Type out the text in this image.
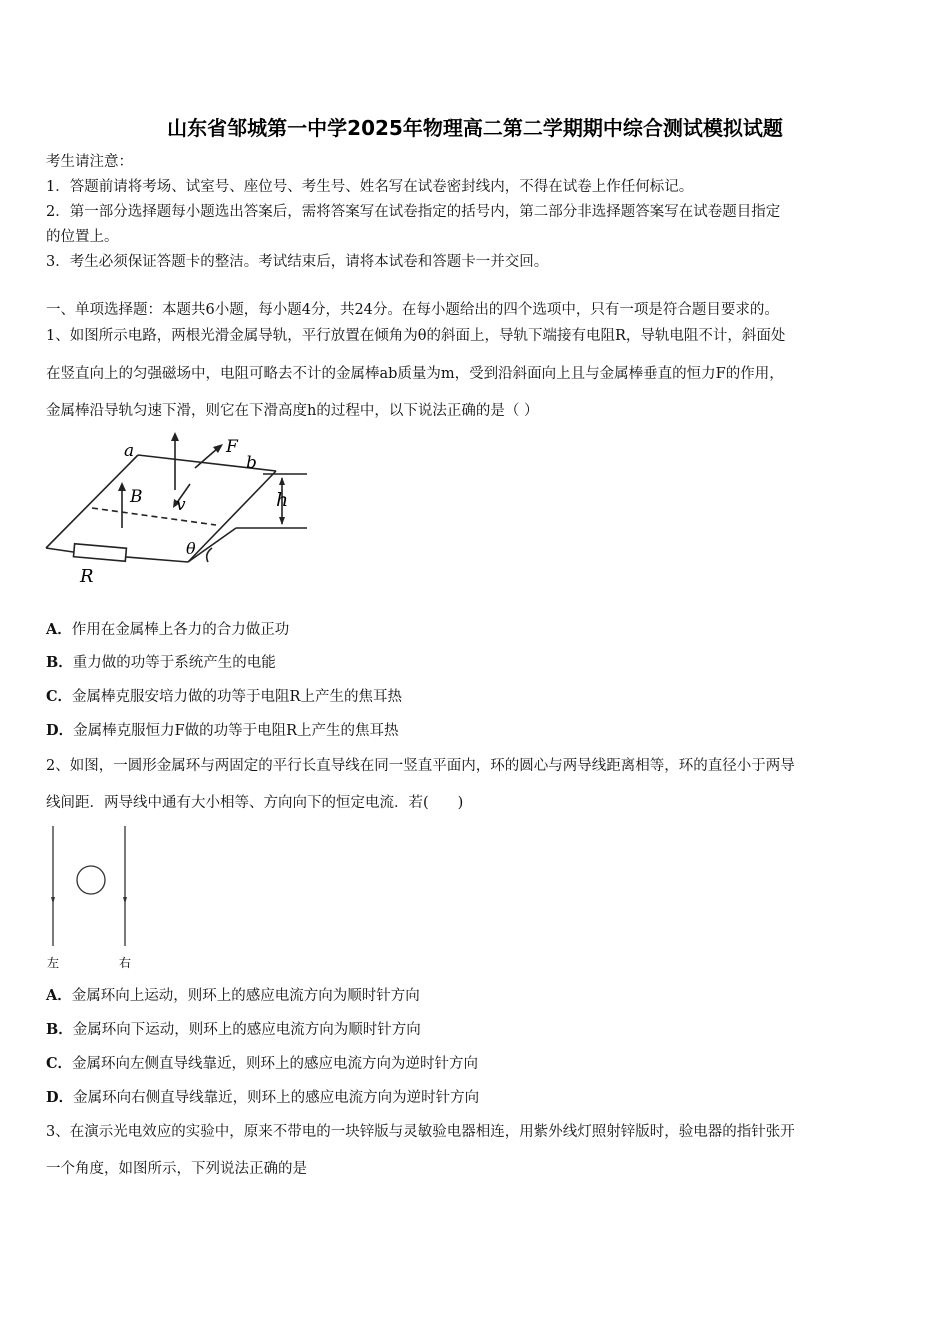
山东省邹城第一中学2025年物理高二第二学期期中综合测试模拟试题
考生请注意：
1．答题前请将考场、试室号、座位号、考生号、姓名写在试卷密封线内，不得在试卷上作任何标记。
2．第一部分选择题每小题选出答案后，需将答案写在试卷指定的括号内，第二部分非选择题答案写在试卷题目指定
的位置上。
3．考生必须保证答题卡的整洁。考试结束后，请将本试卷和答题卡一并交回。
一、单项选择题：本题共6小题，每小题4分，共24分。在每小题给出的四个选项中，只有一项是符合题目要求的。
1、如图所示电路，两根光滑金属导轨，平行放置在倾角为θ的斜面上，导轨下端接有电阻R，导轨电阻不计，斜面处
在竖直向上的匀强磁场中，电阻可略去不计的金属棒ab质量为m，受到沿斜面向上且与金属棒垂直的恒力F的作用，
金属棒沿导轨匀速下滑，则它在下滑高度h的过程中，以下说法正确的是（ ）
a	F
b
B v	h
θ
R
A．作用在金属棒上各力的合力做正功
B．重力做的功等于系统产生的电能
C．金属棒克服安培力做的功等于电阻R上产生的焦耳热
D．金属棒克服恒力F做的功等于电阻R上产生的焦耳热
2、如图，一圆形金属环与两固定的平行长直导线在同一竖直平面内，环的圆心与两导线距离相等，环的直径小于两导
线间距．两导线中通有大小相等、方向向下的恒定电流．若(　　)
左	右
A．金属环向上运动，则环上的感应电流方向为顺时针方向
B．金属环向下运动，则环上的感应电流方向为顺时针方向
C．金属环向左侧直导线靠近，则环上的感应电流方向为逆时针方向
D．金属环向右侧直导线靠近，则环上的感应电流方向为逆时针方向
3、在演示光电效应的实验中，原来不带电的一块锌版与灵敏验电器相连，用紫外线灯照射锌版时，验电器的指针张开
一个角度，如图所示，下列说法正确的是
